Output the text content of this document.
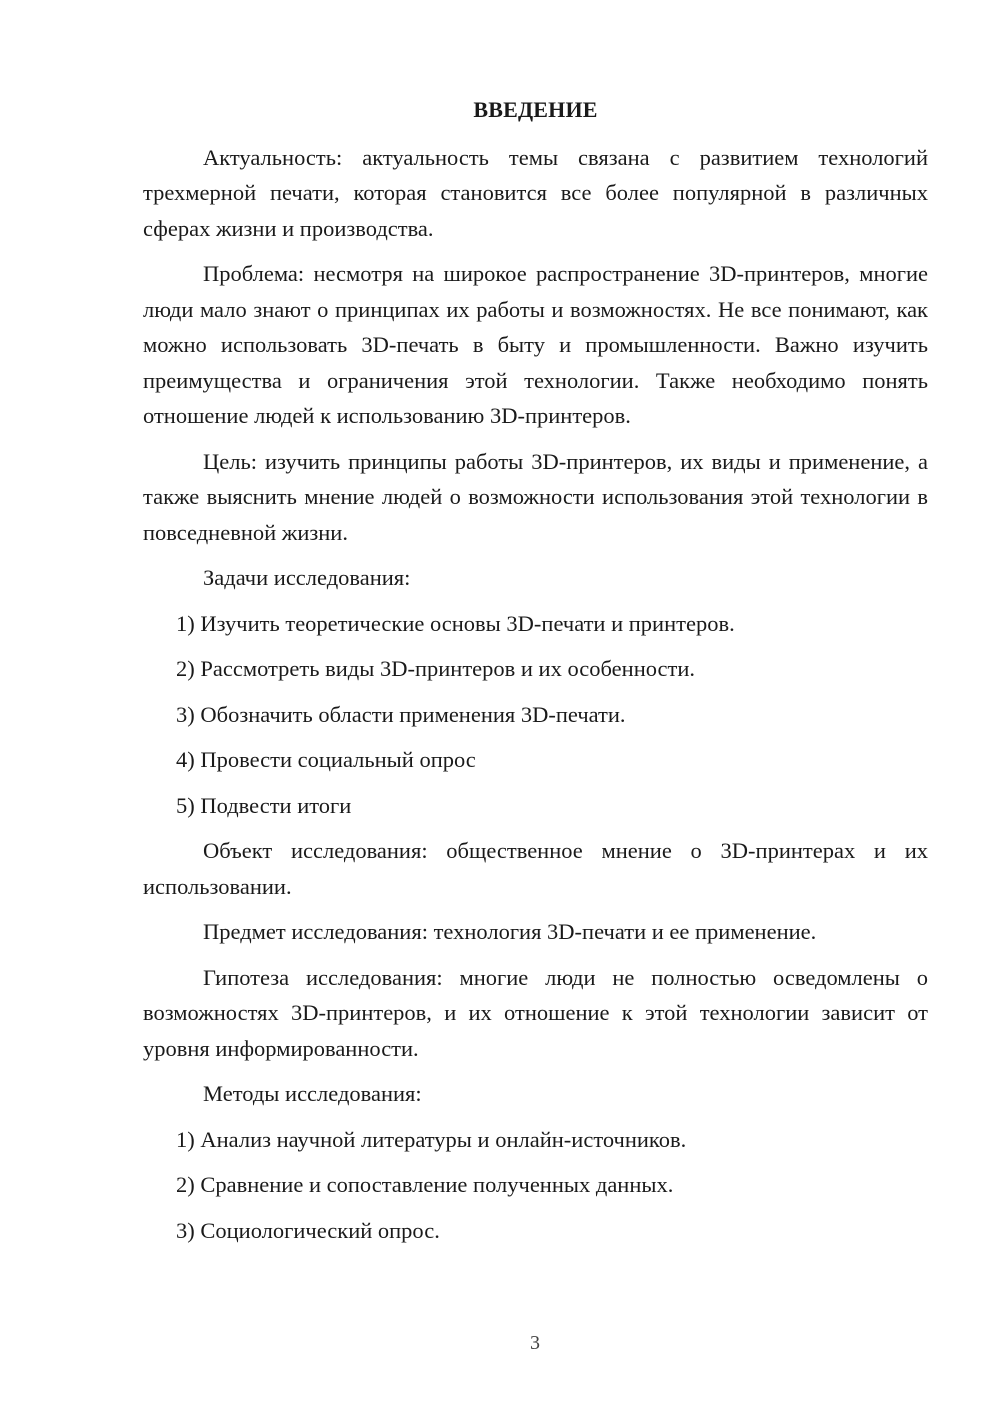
ВВЕДЕНИЕ
Актуальность: актуальность темы связана с развитием технологий трехмерной печати, которая становится все более популярной в различных сферах жизни и производства.
Проблема: несмотря на широкое распространение 3D-принтеров, многие люди мало знают о принципах их работы и возможностях. Не все понимают, как можно использовать 3D-печать в быту и промышленности. Важно изучить преимущества и ограничения этой технологии. Также необходимо понять отношение людей к использованию 3D-принтеров.
Цель: изучить принципы работы 3D-принтеров, их виды и применение, а также выяснить мнение людей о возможности использования этой технологии в повседневной жизни.
Задачи исследования:
1) Изучить теоретические основы 3D-печати и принтеров.
2) Рассмотреть виды 3D-принтеров и их особенности.
3) Обозначить области применения 3D-печати.
4) Провести социальный опрос
5) Подвести итоги
Объект исследования: общественное мнение о 3D-принтерах и их использовании.
Предмет исследования: технология 3D-печати и ее применение.
Гипотеза исследования: многие люди не полностью осведомлены о возможностях 3D-принтеров, и их отношение к этой технологии зависит от уровня информированности.
Методы исследования:
1) Анализ научной литературы и онлайн-источников.
2) Сравнение и сопоставление полученных данных.
3) Социологический опрос.
3
